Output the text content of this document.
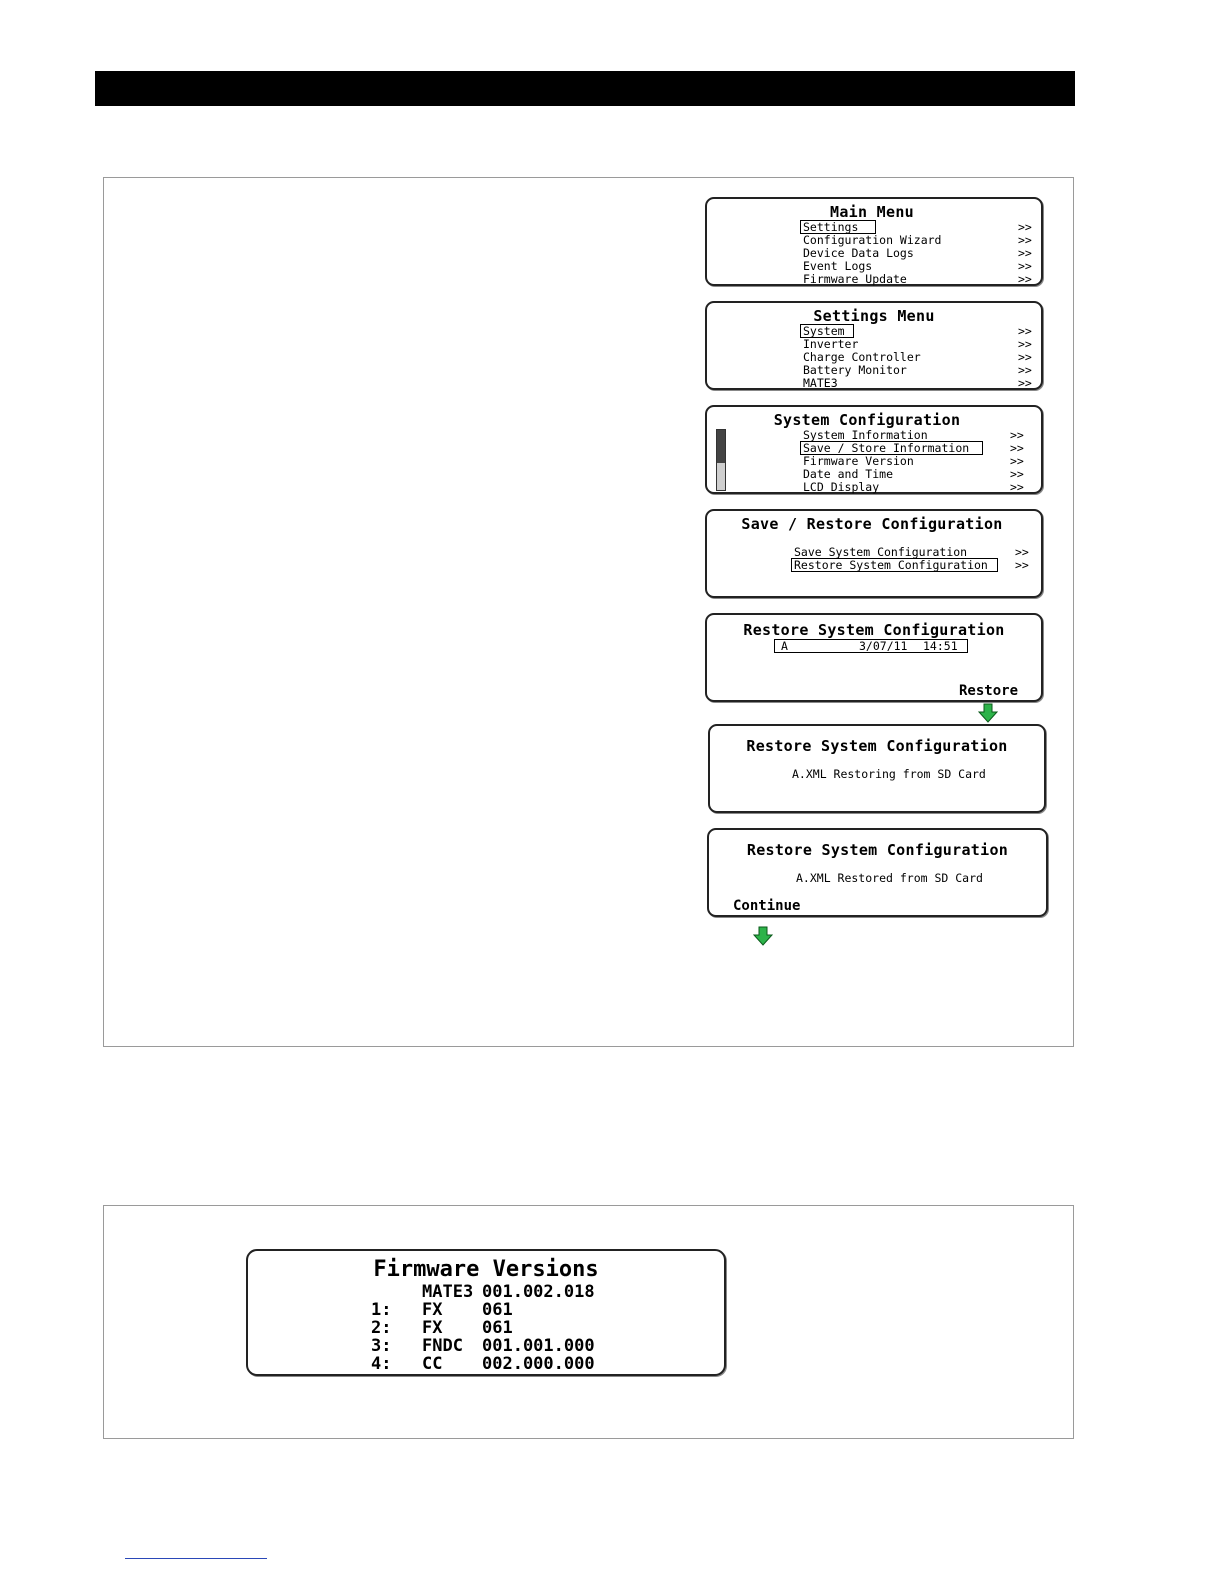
Main Menu
Settings
Configuration Wizard
Device Data Logs
Event Logs
Firmware Update
>>
>>
>>
>>
>>
Settings Menu
System
Inverter
Charge Controller
Battery Monitor
MATE3
>>
>>
>>
>>
>>
System Configuration
System Information
Save / Store Information
Firmware Version
Date and Time
LCD Display
>>
>>
>>
>>
>>
Save / Restore Configuration
Save System Configuration
Restore System Configuration
>>
>>
Restore System Configuration
A	3/07/11 14:51

Restore
Restore System Configuration
A.XML Restoring from SD Card
Restore System Configuration
A.XML Restored from SD Card
Continue
Firmware Versions
MATE3 001.002.018
1: FX 061
2: FX 061
3: FNDC 001.001.000
4: CC 002.000.000
